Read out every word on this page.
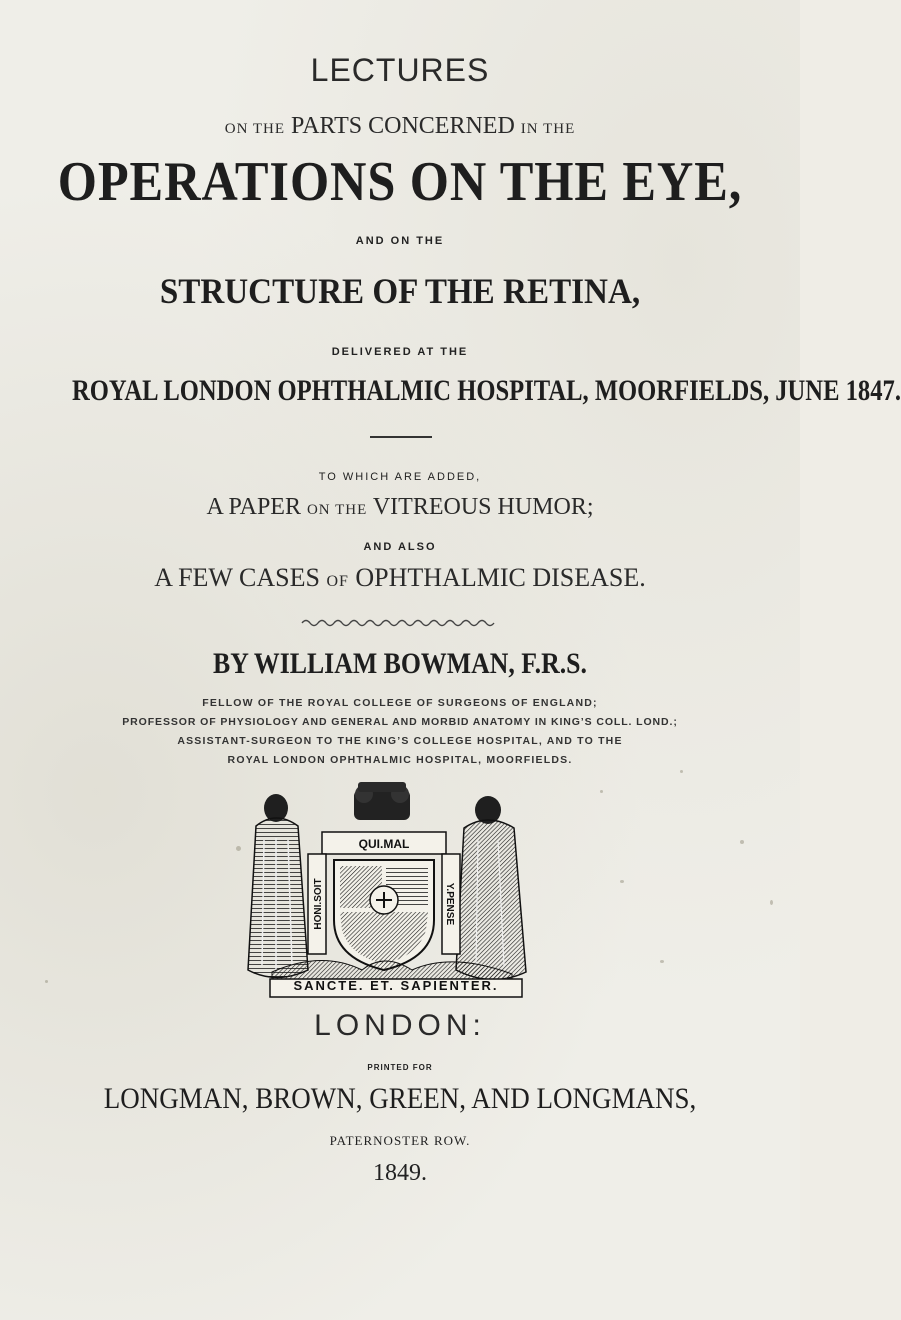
LECTURES
ON THE PARTS CONCERNED IN THE
OPERATIONS ON THE EYE,
AND ON THE
STRUCTURE OF THE RETINA,
DELIVERED AT THE
ROYAL LONDON OPHTHALMIC HOSPITAL, MOORFIELDS, JUNE 1847.
TO WHICH ARE ADDED,
A PAPER ON THE VITREOUS HUMOR;
AND ALSO
A FEW CASES OF OPHTHALMIC DISEASE.
BY WILLIAM BOWMAN, F.R.S.
FELLOW OF THE ROYAL COLLEGE OF SURGEONS OF ENGLAND;
PROFESSOR OF PHYSIOLOGY AND GENERAL AND MORBID ANATOMY IN KING’S COLL. LOND.;
ASSISTANT-SURGEON TO THE KING’S COLLEGE HOSPITAL, AND TO THE
ROYAL LONDON OPHTHALMIC HOSPITAL, MOORFIELDS.
QUI.MAL
HONI.SOIT	Y.PENSE
SANCTE. ET. SAPIENTER.
LONDON:
PRINTED FOR
LONGMAN, BROWN, GREEN, AND LONGMANS,
PATERNOSTER ROW.
1849.
